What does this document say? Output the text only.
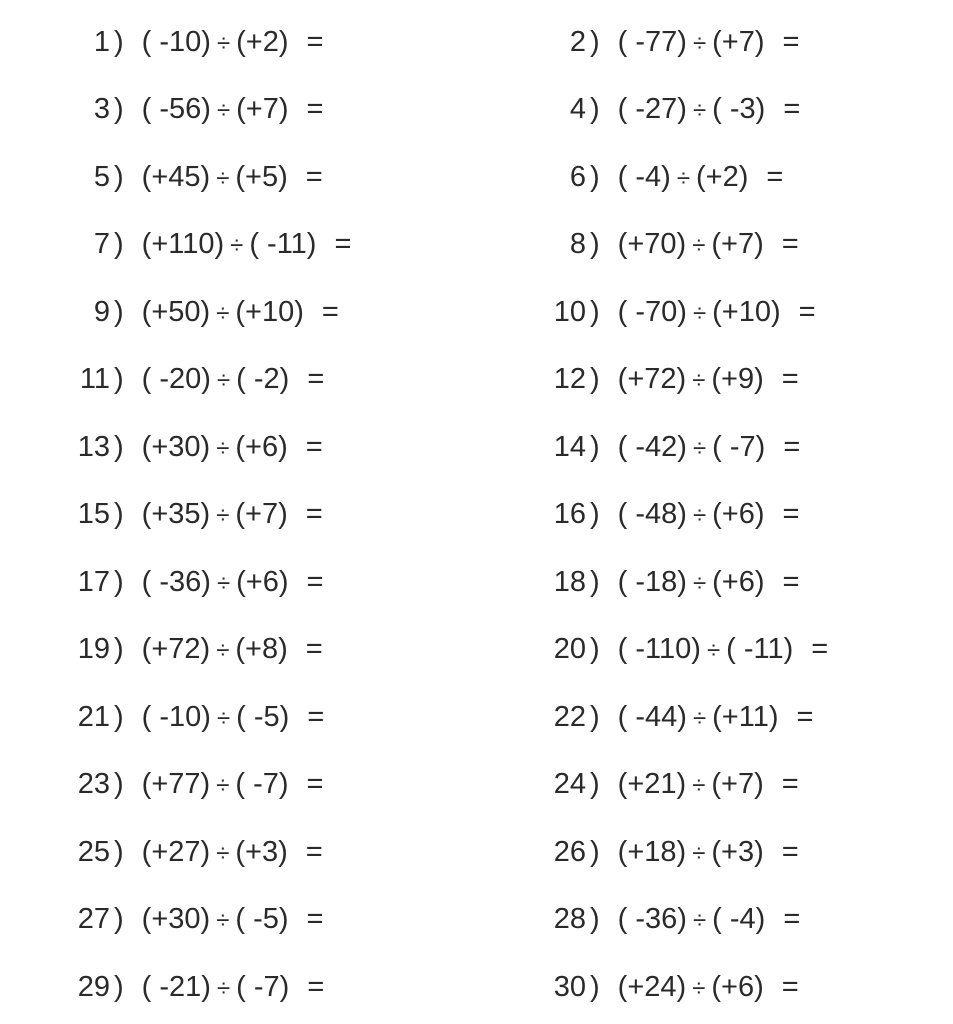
1 ) ( -10) ÷ (+2) =	2 ) ( -77) ÷ (+7) =
3 ) ( -56) ÷ (+7) =	4 ) ( -27) ÷ ( -3) =
5 ) (+45) ÷ (+5) =	6 ) ( -4) ÷ (+2) =
7 ) (+110) ÷ ( -11) =	8 ) (+70) ÷ (+7) =
9 ) (+50) ÷ (+10) =	10 ) ( -70) ÷ (+10) =
11 ) ( -20) ÷ ( -2) =	12 ) (+72) ÷ (+9) =
13 ) (+30) ÷ (+6) =	14 ) ( -42) ÷ ( -7) =
15 ) (+35) ÷ (+7) =	16 ) ( -48) ÷ (+6) =
17 ) ( -36) ÷ (+6) =	18 ) ( -18) ÷ (+6) =
19 ) (+72) ÷ (+8) =	20 ) ( -110) ÷ ( -11) =
21 ) ( -10) ÷ ( -5) =	22 ) ( -44) ÷ (+11) =
23 ) (+77) ÷ ( -7) =	24 ) (+21) ÷ (+7) =
25 ) (+27) ÷ (+3) =	26 ) (+18) ÷ (+3) =
27 ) (+30) ÷ ( -5) =	28 ) ( -36) ÷ ( -4) =
29 ) ( -21) ÷ ( -7) =	30 ) (+24) ÷ (+6) =
